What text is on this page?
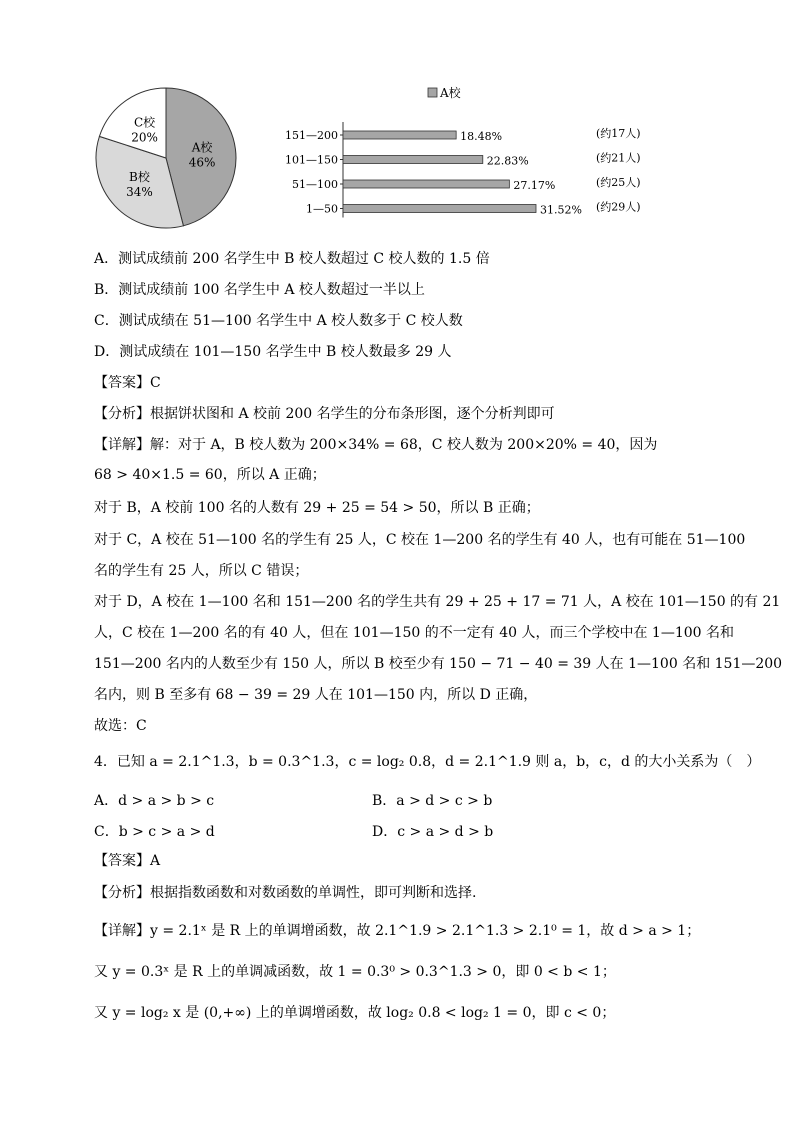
A校
46%
B校
34%
C校
20%
A校
151—200	18.48%	(约17人)
101—150	22.83%	(约21人)
51—100	27.17%	(约25人)
1—50	31.52% (约29人)
A．测试成绩前 200 名学生中 B 校人数超过 C 校人数的 1.5 倍
B．测试成绩前 100 名学生中 A 校人数超过一半以上
C．测试成绩在 51—100 名学生中 A 校人数多于 C 校人数
D．测试成绩在 101—150 名学生中 B 校人数最多 29 人
【答案】C
【分析】根据饼状图和 A 校前 200 名学生的分布条形图，逐个分析判即可
【详解】解：对于 A，B 校人数为 200×34% = 68，C 校人数为 200×20% = 40，因为
68 > 40×1.5 = 60，所以 A 正确；
对于 B，A 校前 100 名的人数有 29 + 25 = 54 > 50，所以 B 正确；
对于 C，A 校在 51—100 名的学生有 25 人，C 校在 1—200 名的学生有 40 人，也有可能在 51—100
名的学生有 25 人，所以 C 错误；
对于 D，A 校在 1—100 名和 151—200 名的学生共有 29 + 25 + 17 = 71 人，A 校在 101—150 的有 21
人，C 校在 1—200 名的有 40 人，但在 101—150 的不一定有 40 人，而三个学校中在 1—100 名和
151—200 名内的人数至少有 150 人，所以 B 校至少有 150 − 71 − 40 = 39 人在 1—100 名和 151—200
名内，则 B 至多有 68 − 39 = 29 人在 101—150 内，所以 D 正确，
故选：C
4．已知 a = 2.1^1.3，b = 0.3^1.3，c = log₂ 0.8，d = 2.1^1.9 则 a，b，c，d 的大小关系为（　）
A．d > a > b > c	B．a > d > c > b
C．b > c > a > d	D．c > a > d > b
【答案】A
【分析】根据指数函数和对数函数的单调性，即可判断和选择.
【详解】y = 2.1ˣ 是 R 上的单调增函数，故 2.1^1.9 > 2.1^1.3 > 2.1⁰ = 1，故 d > a > 1；
又 y = 0.3ˣ 是 R 上的单调减函数，故 1 = 0.3⁰ > 0.3^1.3 > 0，即 0 < b < 1；
又 y = log₂ x 是 (0,+∞) 上的单调增函数，故 log₂ 0.8 < log₂ 1 = 0，即 c < 0；
